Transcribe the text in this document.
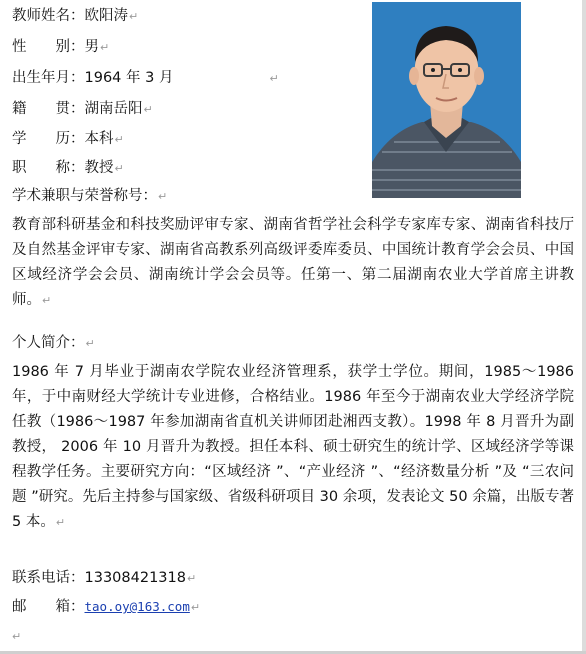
教师姓名：欧阳涛↵
性　　别：男↵
出生年月：1964 年 3 月	↵
籍　　贯：湖南岳阳↵
学　　历：本科↵
职　　称：教授↵
学术兼职与荣誉称号：↵
教育部科研基金和科技奖励评审专家、湖南省哲学社会科学专家库专家、湖南省科技厅及自然基金评审专家、湖南省高教系列高级评委库委员、中国统计教育学会会员、中国区域经济学会会员、湖南统计学会会员等。任第一、第二届湖南农业大学首席主讲教师。↵
个人简介：↵
1986 年 7 月毕业于湖南农学院农业经济管理系，获学士学位。期间，1985～1986 年，于中南财经大学统计专业进修，合格结业。1986 年至今于湖南农业大学经济学院任教（1986～1987 年参加湖南省直机关讲师团赴湘西支教）。1998 年 8 月晋升为副教授， 2006 年 10 月晋升为教授。担任本科、硕士研究生的统计学、区域经济学等课程教学任务。主要研究方向：“区域经济 ”、“产业经济 ”、“经济数量分析 ”及 “三农问题 ”研究。先后主持参与国家级、省级科研项目 30 余项，发表论文 50 余篇，出版专著 5 本。↵
联系电话：13308421318↵
邮　　箱：tao.oy@163.com↵
↵
